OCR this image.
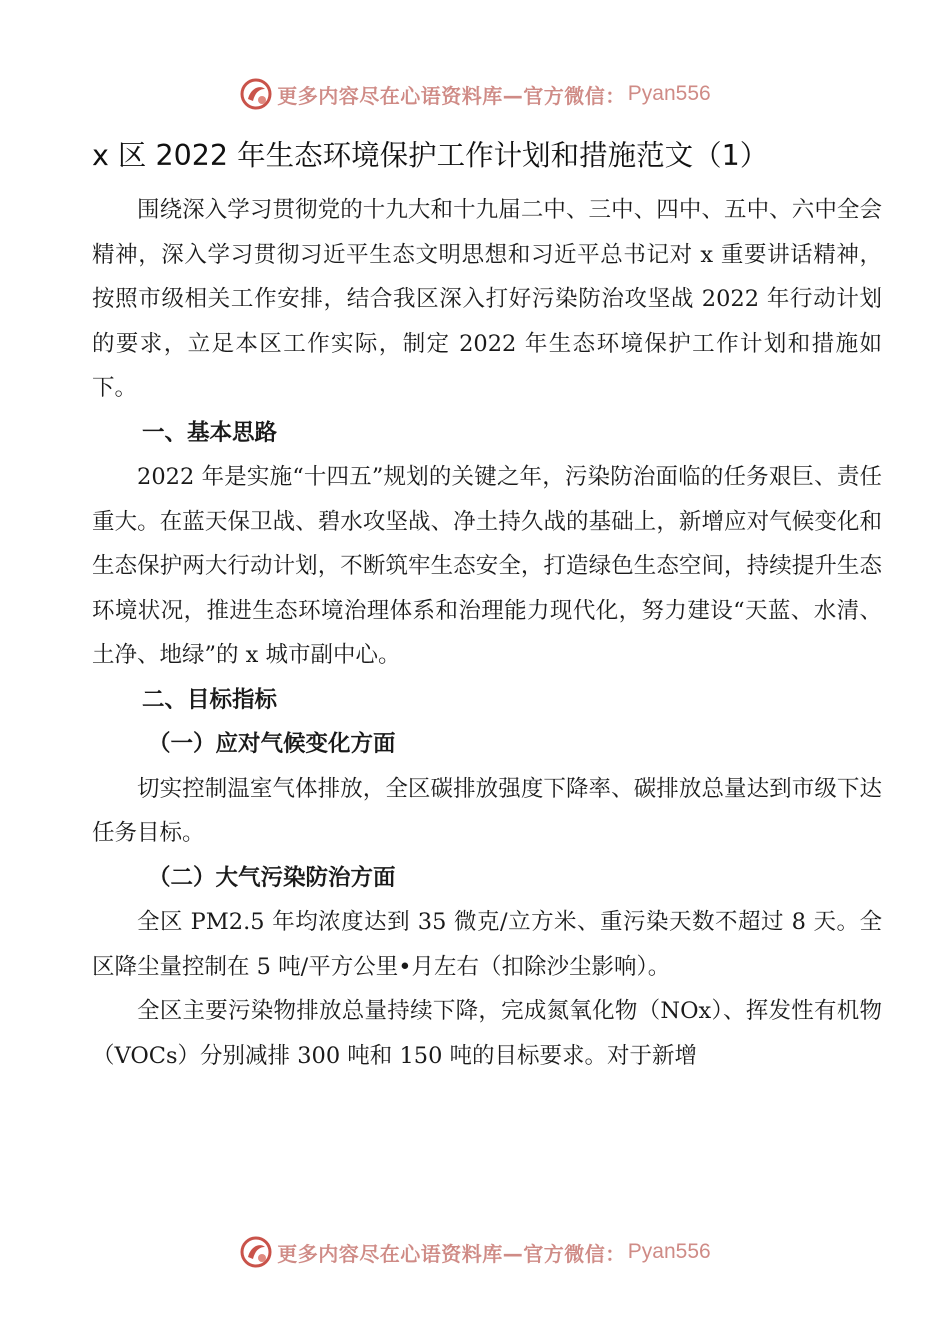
更多内容尽在心语资料库—官方微信： Pyan556
x 区 2022 年生态环境保护工作计划和措施范文（1）

围绕深入学习贯彻党的十九大和十九届二中、三中、四中、五中、六中全会精神，深入学习贯彻习近平生态文明思想和习近平总书记对 x 重要讲话精神，按照市级相关工作安排，结合我区深入打好污染防治攻坚战 2022 年行动计划的要求，立足本区工作实际，制定 2022 年生态环境保护工作计划和措施如下。

一、基本思路

2022 年是实施“十四五”规划的关键之年，污染防治面临的任务艰巨、责任重大。在蓝天保卫战、碧水攻坚战、净土持久战的基础上，新增应对气候变化和生态保护两大行动计划，不断筑牢生态安全，打造绿色生态空间，持续提升生态环境状况，推进生态环境治理体系和治理能力现代化，努力建设“天蓝、水清、土净、地绿”的 x 城市副中心。

二、目标指标
（一）应对气候变化方面

切实控制温室气体排放，全区碳排放强度下降率、碳排放总量达到市级下达任务目标。

（二）大气污染防治方面

全区 PM2.5 年均浓度达到 35 微克/立方米、重污染天数不超过 8 天。全区降尘量控制在 5 吨/平方公里•月左右（扣除沙尘影响）。

全区主要污染物排放总量持续下降，完成氮氧化物（NOx）、挥发性有机物（VOCs）分别减排 300 吨和 150 吨的目标要求。对于新增

更多内容尽在心语资料库—官方微信： Pyan556
